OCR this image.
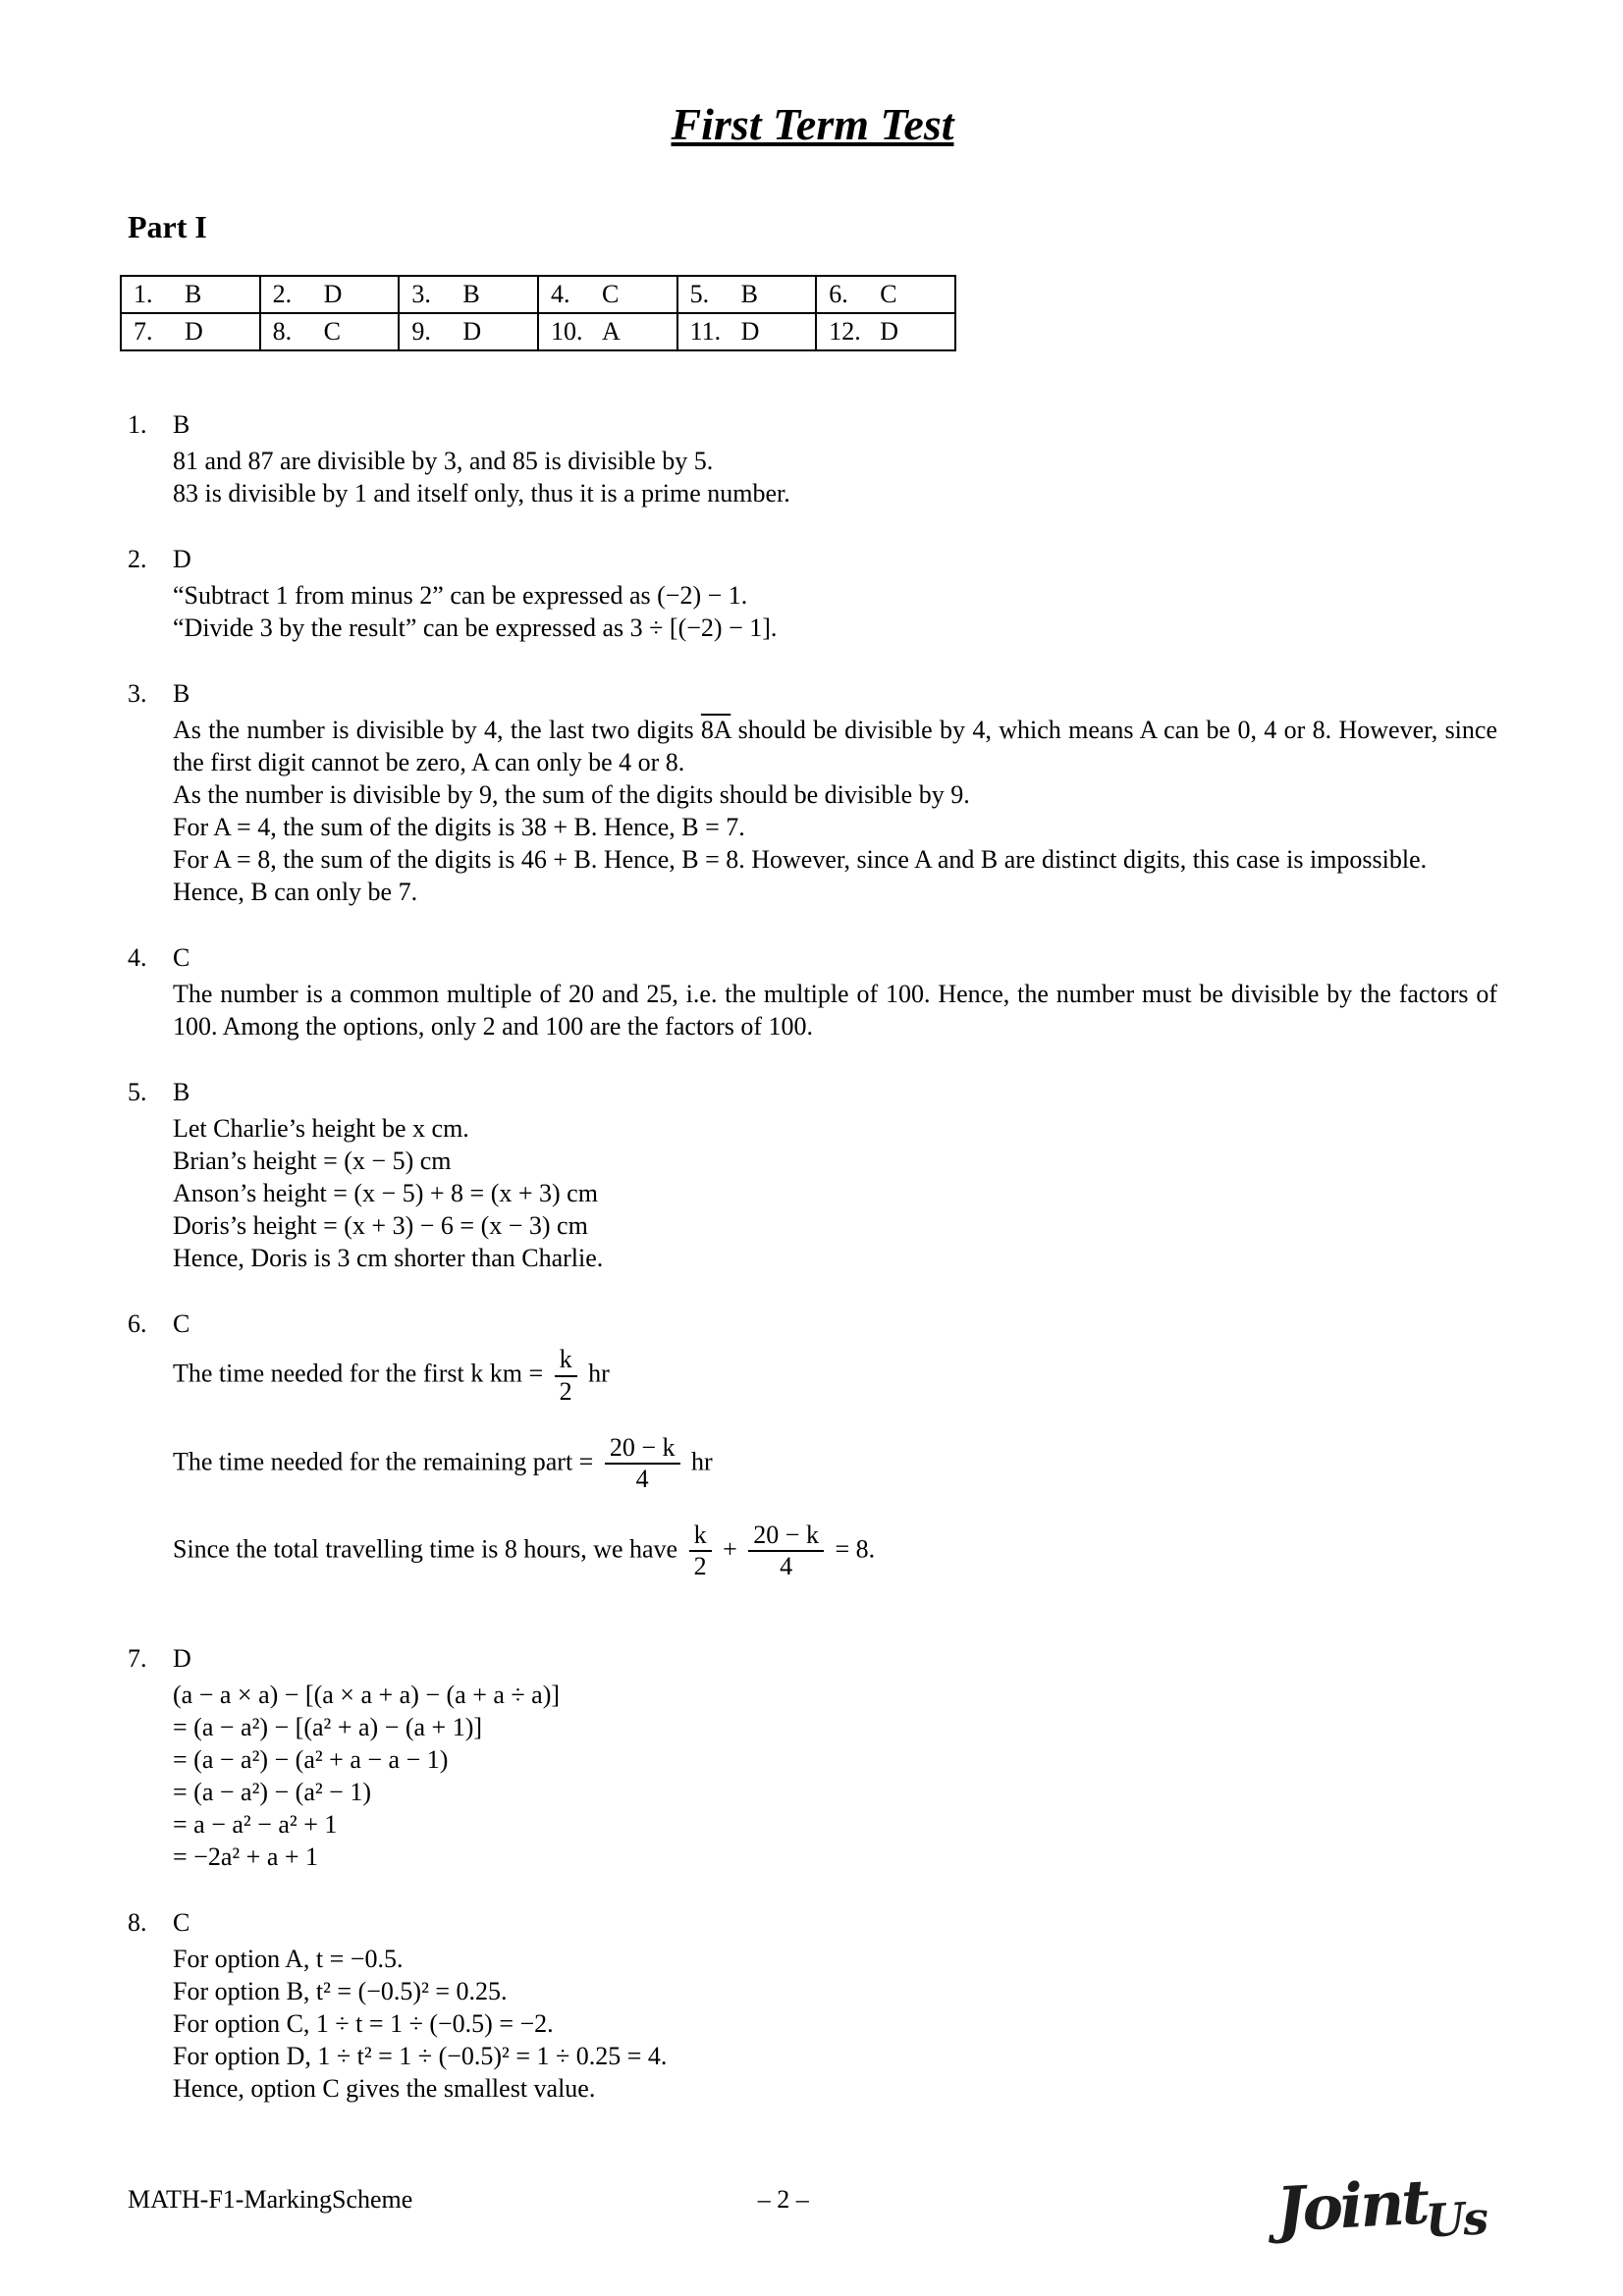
First Term Test
Part I
1. B	2. D	3. B	4. C	5. B	6. C
7. D	8. C	9. D	10. A	11. D	12. D
1.	B

81 and 87 are divisible by 3, and 85 is divisible by 5.

83 is divisible by 1 and itself only, thus it is a prime number.

2.	D

“Subtract 1 from minus 2” can be expressed as (−2) − 1.

“Divide 3 by the result” can be expressed as 3 ÷ [(−2) − 1].

3.	B

As the number is divisible by 4, the last two digits 8A should be divisible by 4, which means A can be 0, 4 or 8. However, since the first digit cannot be zero, A can only be 4 or 8.

As the number is divisible by 9, the sum of the digits should be divisible by 9.

For A = 4, the sum of the digits is 38 + B. Hence, B = 7.

For A = 8, the sum of the digits is 46 + B. Hence, B = 8. However, since A and B are distinct digits, this case is impossible.

Hence, B can only be 7.

4.	C

The number is a common multiple of 20 and 25, i.e. the multiple of 100. Hence, the number must be divisible by the factors of 100. Among the options, only 2 and 100 are the factors of 100.

5.	B

Let Charlie’s height be x cm.

Brian’s height = (x − 5) cm

Anson’s height = (x − 5) + 8 = (x + 3) cm

Doris’s height = (x + 3) − 6 = (x − 3) cm

Hence, Doris is 3 cm shorter than Charlie.

6.	C

The time needed for the first k km = $\frac{k}{2}$ hr

The time needed for the remaining part = $\frac{20 - k}{4}$ hr

Since the total travelling time is 8 hours, we have $\frac{k}{2} + \frac{20 - k}{4} = 8$.

7.	D

(a − a × a) − [(a × a + a) − (a + a ÷ a)]

= (a − a²) − [(a² + a) − (a + 1)]

= (a − a²) − (a² + a − a − 1)

= (a − a²) − (a² − 1)

= a − a² − a² + 1

= −2a² + a + 1

8.	C

For option A, t = −0.5.

For option B, t² = (−0.5)² = 0.25.

For option C, 1 ÷ t = 1 ÷ (−0.5) = −2.

For option D, 1 ÷ t² = 1 ÷ (−0.5)² = 1 ÷ 0.25 = 4.

Hence, option C gives the smallest value.

MATH-F1-MarkingScheme	– 2 –	JointUs
